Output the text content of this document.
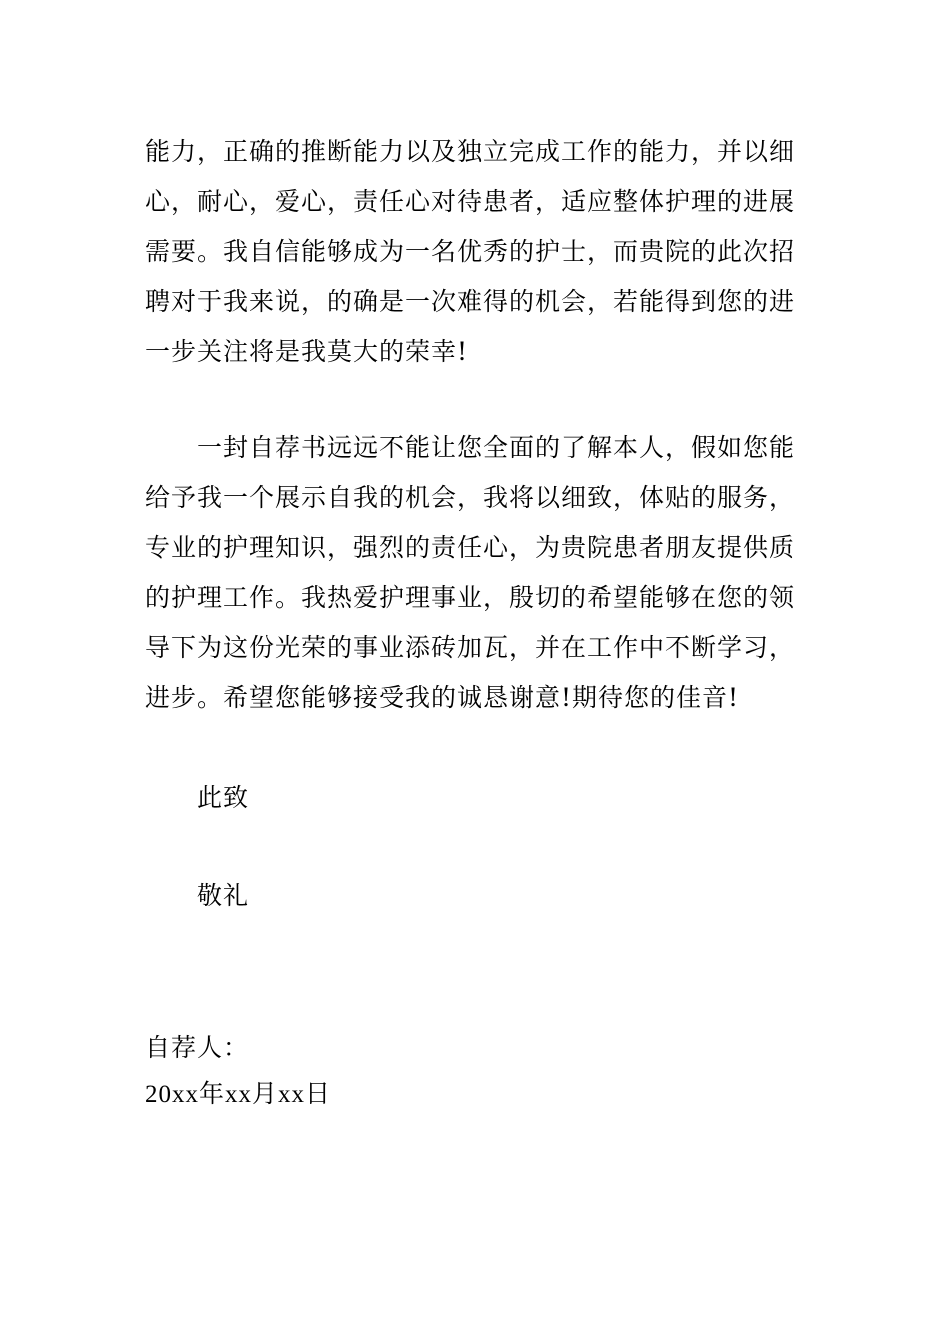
能力，正确的推断能力以及独立完成工作的能力，并以细
心，耐心，爱心，责任心对待患者，适应整体护理的进展
需要。我自信能够成为一名优秀的护士，而贵院的此次招
聘对于我来说，的确是一次难得的机会，若能得到您的进
一步关注将是我莫大的荣幸!
一封自荐书远远不能让您全面的了解本人，假如您能
给予我一个展示自我的机会，我将以细致，体贴的服务，
专业的护理知识，强烈的责任心，为贵院患者朋友提供质
的护理工作。我热爱护理事业，殷切的希望能够在您的领
导下为这份光荣的事业添砖加瓦，并在工作中不断学习，
进步。希望您能够接受我的诚恳谢意!期待您的佳音!
此致
敬礼
自荐人：
20xx年xx月xx日
